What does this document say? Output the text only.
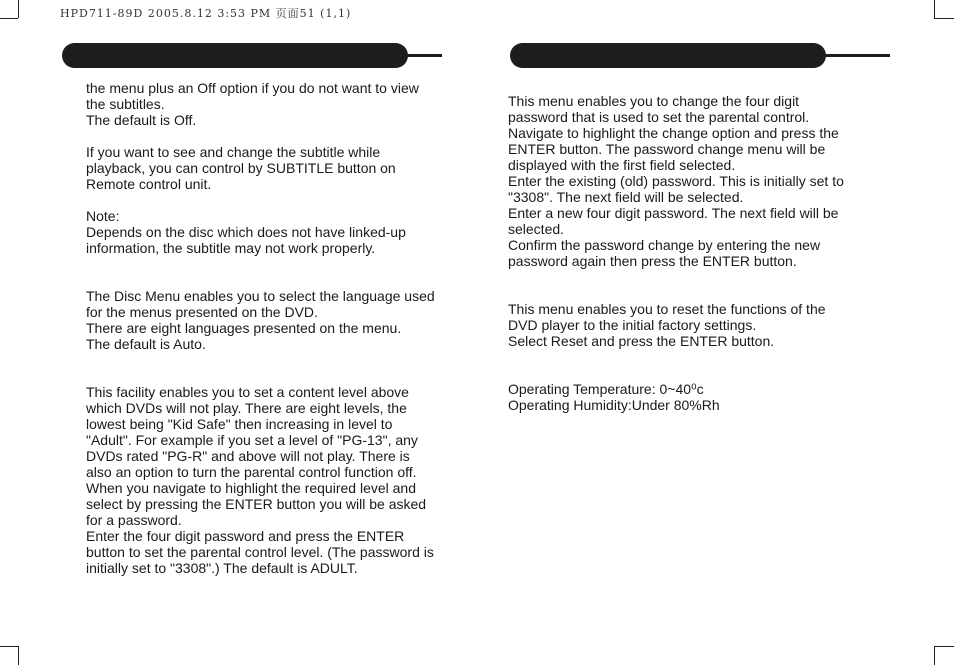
HPD711-89D 2005.8.12 3:53 PM 页面51 (1,1)

the menu plus an Off option if you do not want to view

the subtitles.

The default is Off.

If you want to see and change the subtitle while

playback, you can control by SUBTITLE button on

Remote control unit.

Note:

Depends on the disc which does not have linked-up

information, the subtitle may not work properly.

The Disc Menu enables you to select the language used

for the menus presented on the DVD.

There are eight languages presented on the menu.

The default is Auto.

This facility enables you to set a content level above

which DVDs will not play. There are eight levels, the

lowest being "Kid Safe" then increasing in level to

"Adult". For example if you set a level of "PG-13", any

DVDs rated "PG-R" and above will not play. There is

also an option to turn the parental control function off.

When you navigate to highlight the required level and

select by pressing the ENTER button you will be asked

for a password.

Enter the four digit password and press the ENTER

button to set the parental control level. (The password is

initially set to "3308".) The default is ADULT.

This menu enables you to change the four digit

password that is used to set the parental control.

Navigate to highlight the change option and press the

ENTER button. The password change menu will be

displayed with the first field selected.

Enter the existing (old) password. This is initially set to

"3308". The next field will be selected.

Enter a new four digit password. The next field will be

selected.

Confirm the password change by entering the new

password again then press the ENTER button.

This menu enables you to reset the functions of the

DVD player to the initial factory settings.

Select Reset and press the ENTER button.

Operating Temperature: 0~40⁰c

Operating Humidity:Under 80%Rh
